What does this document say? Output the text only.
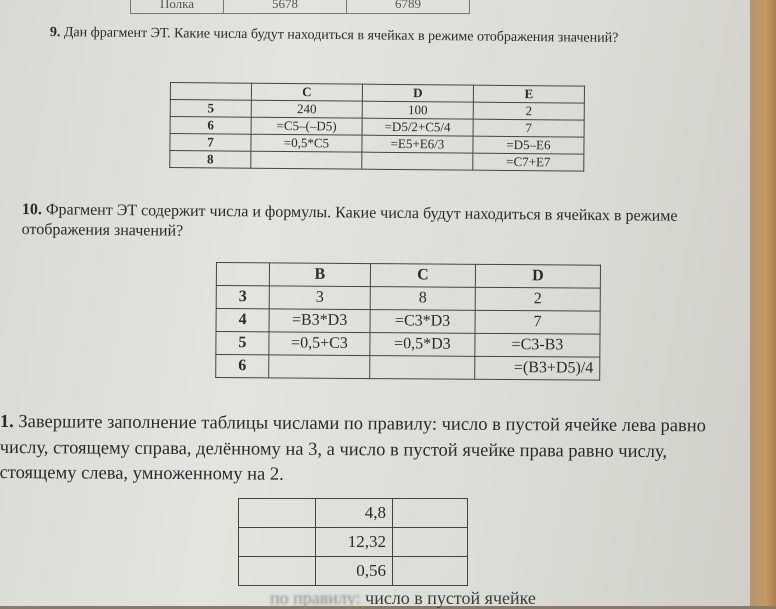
Полка	5678	6789
9. Дан фрагмент ЭТ. Какие числа будут находиться в ячейках в режиме отображения значений?
	C	D	E
5	240	100	2
6	=C5–(–D5)	=D5/2+C5/4	7
7	=0,5*C5	=E5+E6/3	=D5–E6
8			=C7+E7
10. Фрагмент ЭТ содержит числа и формулы. Какие числа будут находиться в ячейках в режиме отображения значений?
	B	C	D
3	3	8	2
4	=B3*D3	=C3*D3	7
5	=0,5+C3	=0,5*D3	=C3-B3
6			=(B3+D5)/4
1. Завершите заполнение таблицы числами по правилу: число в пустой ячейке лева равно числу, стоящему справа, делённому на 3, а число в пустой ячейке права равно числу, стоящему слева, умноженному на 2.
	4,8	
	12,32	
	0,56	
по правилу: число в пустой ячейке
